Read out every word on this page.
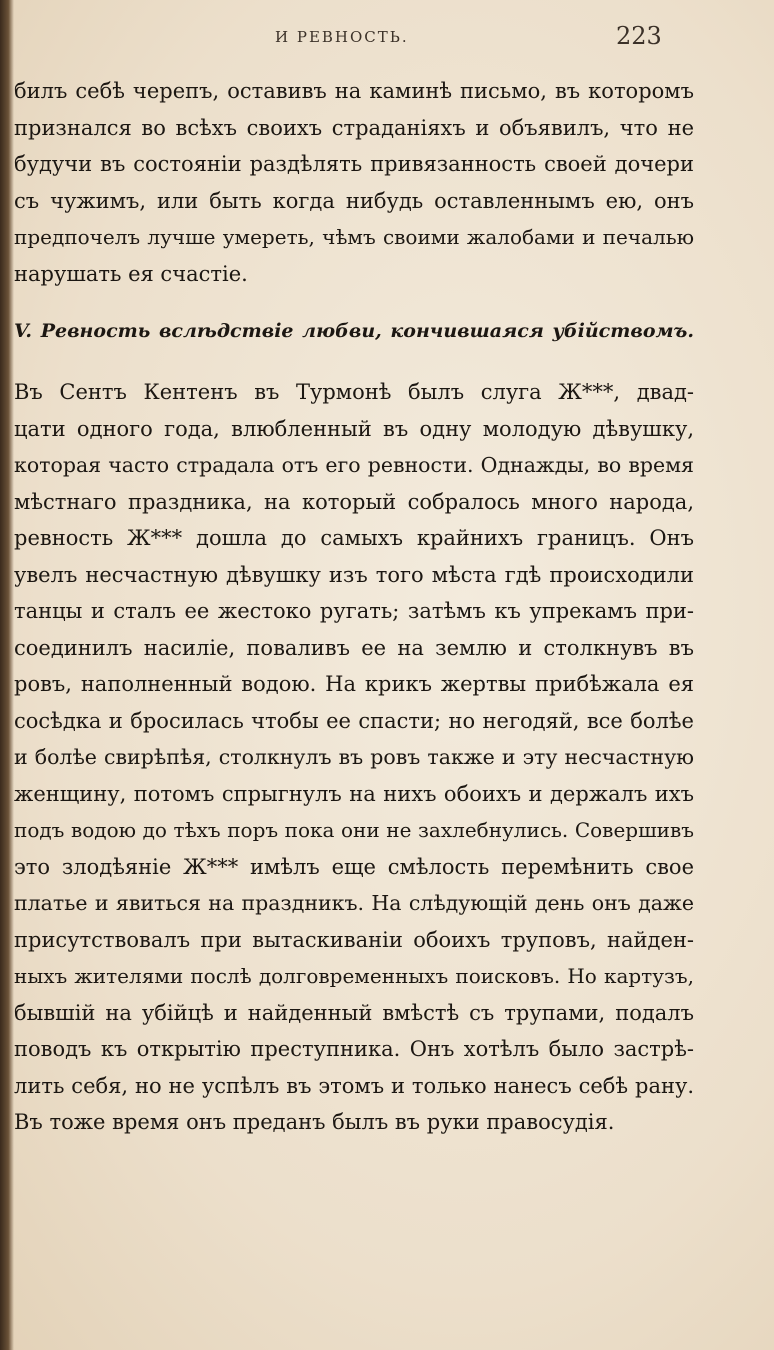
И РЕВНОСТЬ.	223
билъ себѣ черепъ, оставивъ на каминѣ письмо, въ которомъ
признался во всѣхъ своихъ страданіяхъ и объявилъ, что не
будучи въ состояніи раздѣлять привязанность своей дочери
съ чужимъ, или быть когда нибудь оставленнымъ ею, онъ
предпочелъ лучше умереть, чѣмъ своими жалобами и печалью
нарушать ея счастіе.
V. Ревность вслѣдствіе любви, кончившаяся убійствомъ.
Въ Сентъ Кентенъ въ Турмонѣ былъ слуга Ж***, двад-
цати одного года, влюбленный въ одну молодую дѣвушку,
которая часто страдала отъ его ревности. Однажды, во время
мѣстнаго праздника, на который собралось много народа,
ревность Ж*** дошла до самыхъ крайнихъ границъ. Онъ
увелъ несчастную дѣвушку изъ того мѣста гдѣ происходили
танцы и сталъ ее жестоко ругать; затѣмъ къ упрекамъ при-
соединилъ насиліе, поваливъ ее на землю и столкнувъ въ
ровъ, наполненный водою. На крикъ жертвы прибѣжала ея
сосѣдка и бросилась чтобы ее спасти; но негодяй, все болѣе
и болѣе свирѣпѣя, столкнулъ въ ровъ также и эту несчастную
женщину, потомъ спрыгнулъ на нихъ обоихъ и держалъ ихъ
подъ водою до тѣхъ поръ пока они не захлебнулись. Совершивъ
это злодѣяніе Ж*** имѣлъ еще смѣлость перемѣнить свое
платье и явиться на праздникъ. На слѣдующій день онъ даже
присутствовалъ при вытаскиваніи обоихъ труповъ, найден-
ныхъ жителями послѣ долговременныхъ поисковъ. Но картузъ,
бывшій на убійцѣ и найденный вмѣстѣ съ трупами, подалъ
поводъ къ открытію преступника. Онъ хотѣлъ было застрѣ-
лить себя, но не успѣлъ въ этомъ и только нанесъ себѣ рану.
Въ тоже время онъ преданъ былъ въ руки правосудія.
